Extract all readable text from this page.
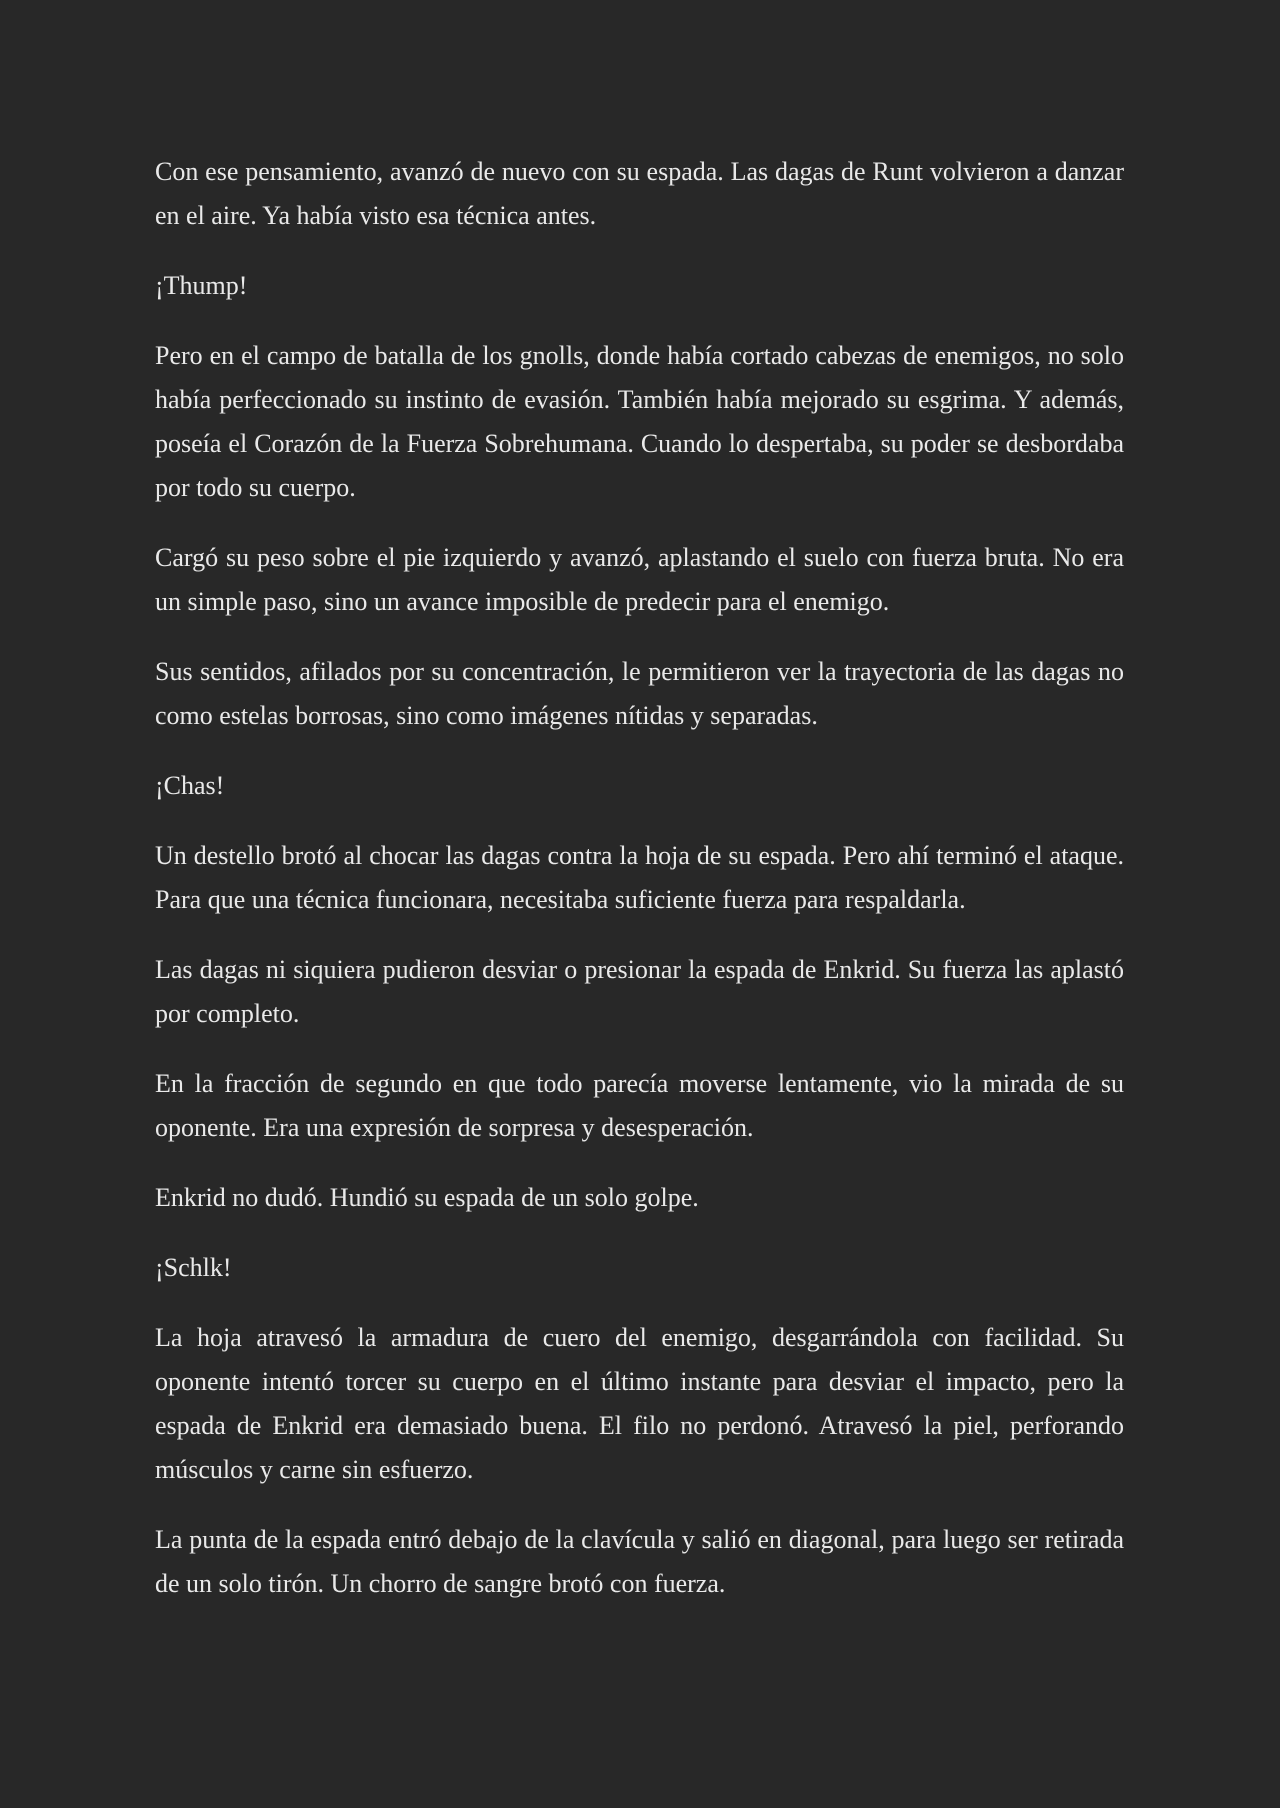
Con ese pensamiento, avanzó de nuevo con su espada. Las dagas de Runt volvieron a danzar en el aire. Ya había visto esa técnica antes.

¡Thump!

Pero en el campo de batalla de los gnolls, donde había cortado cabezas de enemigos, no solo había perfeccionado su instinto de evasión. También había mejorado su esgrima. Y además, poseía el Corazón de la Fuerza Sobrehumana. Cuando lo despertaba, su poder se desbordaba por todo su cuerpo.

Cargó su peso sobre el pie izquierdo y avanzó, aplastando el suelo con fuerza bruta. No era un simple paso, sino un avance imposible de predecir para el enemigo.

Sus sentidos, afilados por su concentración, le permitieron ver la trayectoria de las dagas no como estelas borrosas, sino como imágenes nítidas y separadas.

¡Chas!

Un destello brotó al chocar las dagas contra la hoja de su espada. Pero ahí terminó el ataque. Para que una técnica funcionara, necesitaba suficiente fuerza para respaldarla.

Las dagas ni siquiera pudieron desviar o presionar la espada de Enkrid. Su fuerza las aplastó por completo.

En la fracción de segundo en que todo parecía moverse lentamente, vio la mirada de su oponente. Era una expresión de sorpresa y desesperación.

Enkrid no dudó. Hundió su espada de un solo golpe.

¡Schlk!

La hoja atravesó la armadura de cuero del enemigo, desgarrándola con facilidad. Su oponente intentó torcer su cuerpo en el último instante para desviar el impacto, pero la espada de Enkrid era demasiado buena. El filo no perdonó. Atravesó la piel, perforando músculos y carne sin esfuerzo.

La punta de la espada entró debajo de la clavícula y salió en diagonal, para luego ser retirada de un solo tirón. Un chorro de sangre brotó con fuerza.
